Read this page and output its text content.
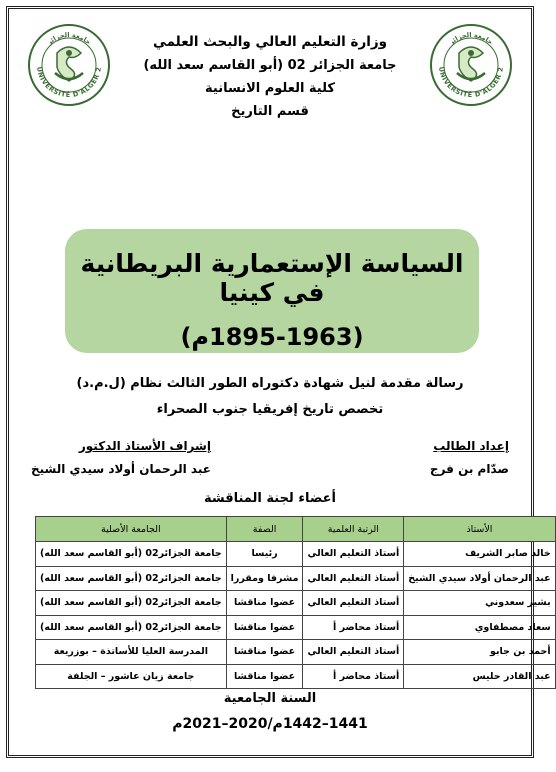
جامعة الجزائر
UNIVERSITÉ D'ALGER 2
جامعة الجزائر
UNIVERSITÉ D'ALGER 2
وزارة التعليم العالي والبحث العلمي
جامعة الجزائر 02 (أبو القاسم سعد الله)
كلية العلوم الانسانية
قسم التاريخ
السياسة الإستعمارية البريطانية في كينيا
(1895-1963م)
رسالة مقدمة لنيل شهادة دكتوراه الطور الثالث نظام (ل.م.د)
تخصص تاريخ إفريقيا جنوب الصحراء
إعداد الطالب
صدّام بن فرج
إشراف الأستاذ الدكتور
عبد الرحمان أولاد سيدي الشيخ
أعضاء لجنة المناقشة
الأستاذ	الرتبة العلمية	الصفة	الجامعة الأصلية
خالد صابر الشريف	أستاذ التعليم العالي	رئيسا	جامعة الجزائر02 (أبو القاسم سعد الله)
عبد الرحمان أولاد سيدي الشيخ	أستاذ التعليم العالي	مشرفا ومقررا	جامعة الجزائر02 (أبو القاسم سعد الله)
بشير سعدوني	أستاذ التعليم العالي	عضوا مناقشا	جامعة الجزائر02 (أبو القاسم سعد الله)
سعاد مصطفاوي	أستاذ محاضر أ	عضوا مناقشا	جامعة الجزائر02 (أبو القاسم سعد الله)
أحمد بن جابو	أستاذ التعليم العالي	عضوا مناقشا	المدرسة العليا للأساتذة – بوزريعة
عبد القادر حليس	أستاذ محاضر أ	عضوا مناقشا	جامعة زيان عاشور – الجلفة
السنة الجامعية
1441–1442م/2020–2021م
